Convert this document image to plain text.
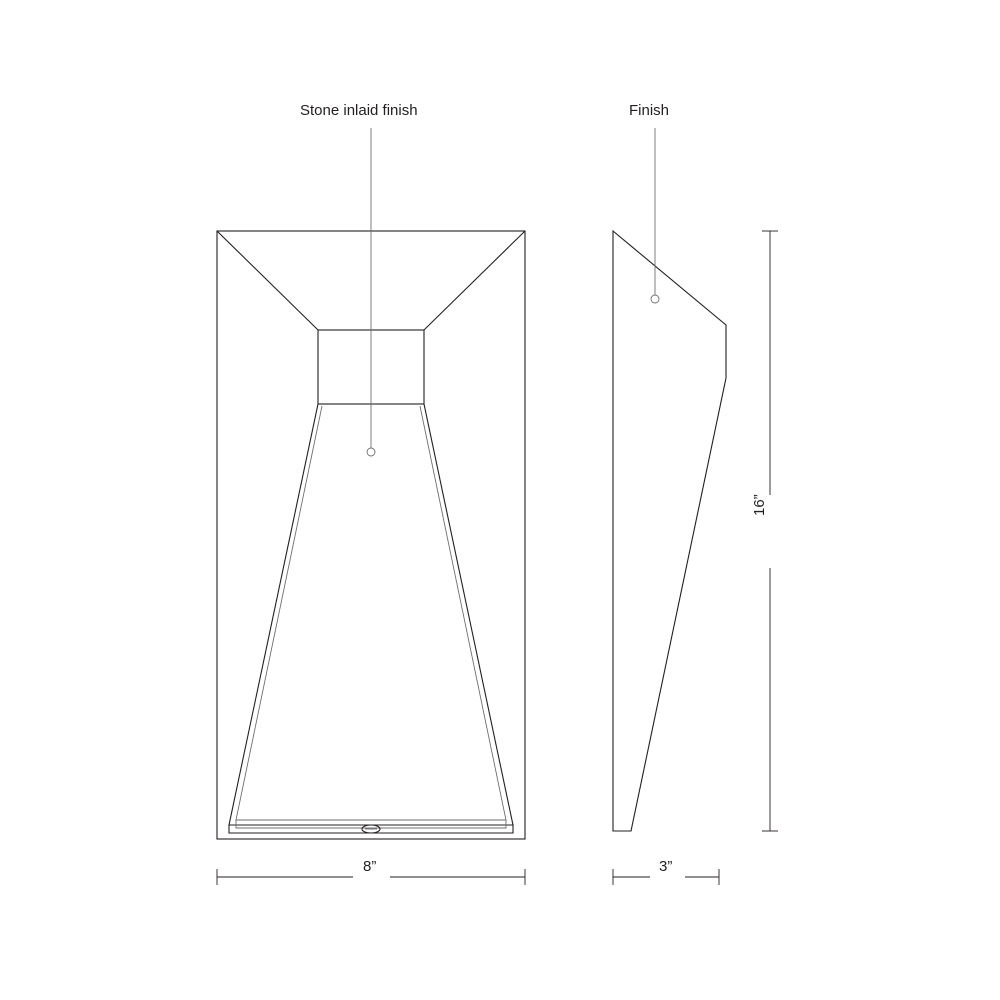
Stone inlaid finish	Finish
8”	3”
16”
